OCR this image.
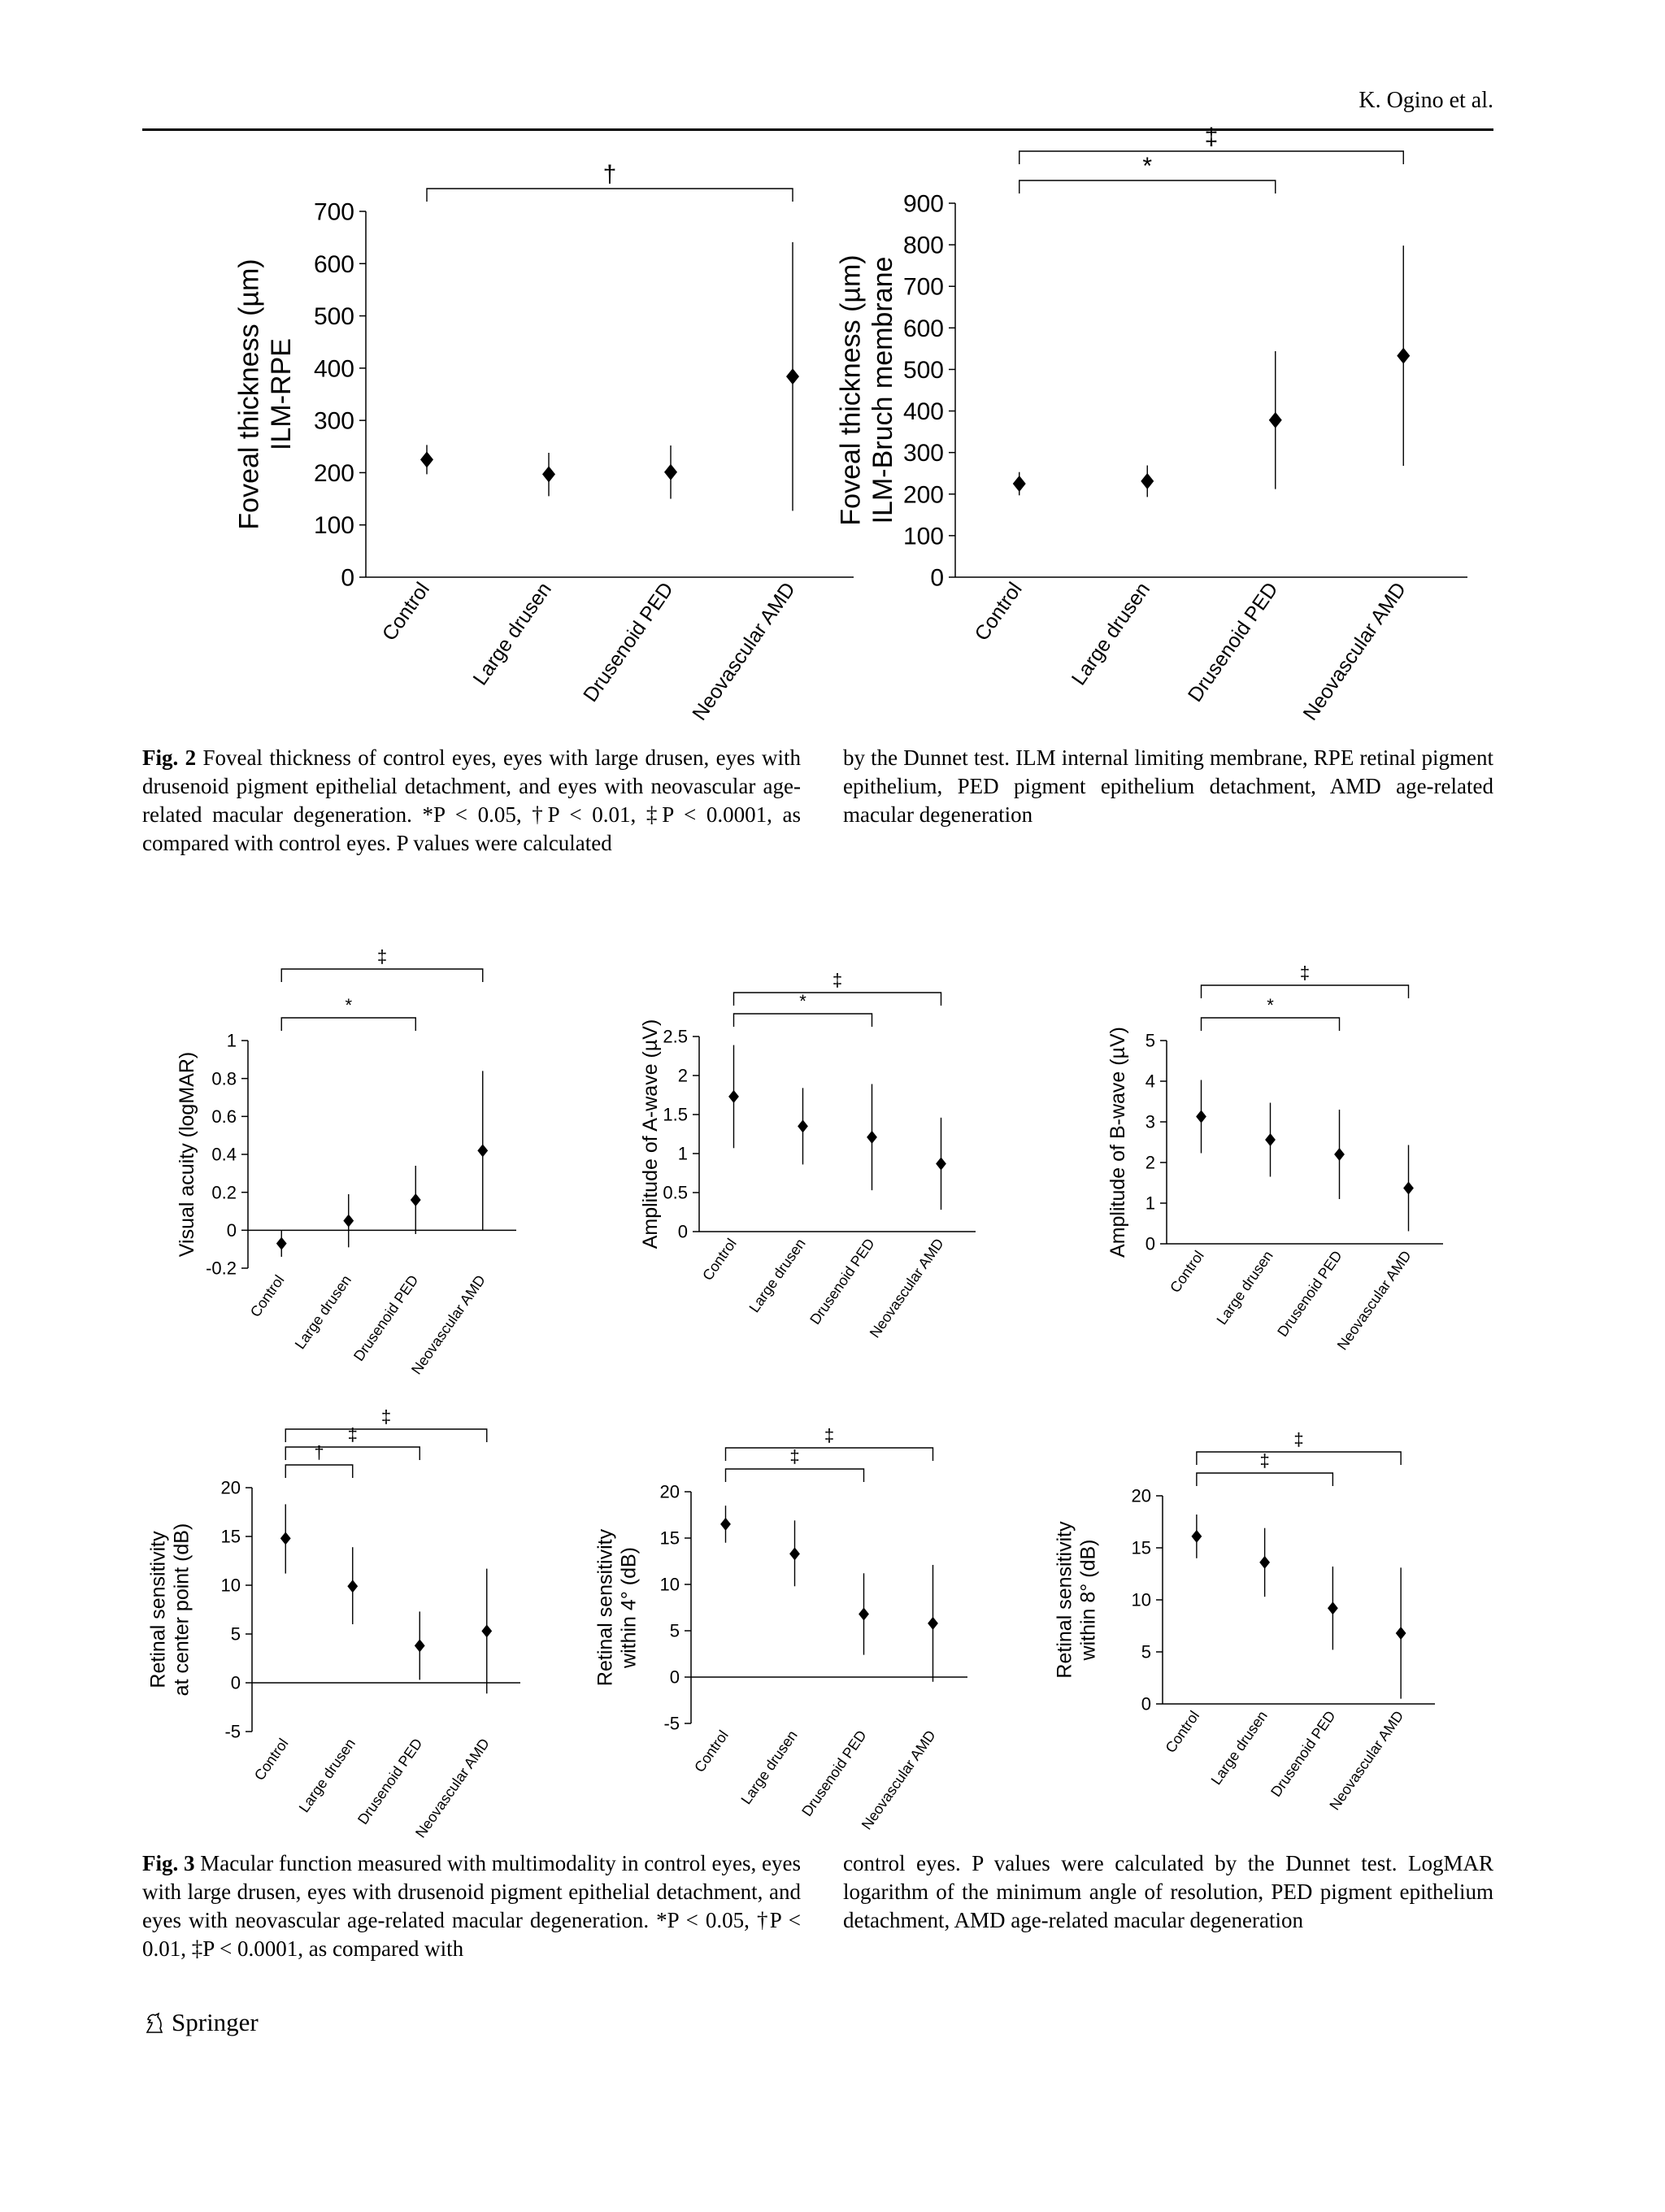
K. Ogino et al.
0
100
200
300
400
500
600
700
Foveal thickness (µm) ILM-RPE
Control Large drusen Drusenoid PED Neovascular AMD
†
0
100
200
300
400
500
600
700
800
900
Foveal thickness (µm) ILM-Bruch membrane
Control Large drusen Drusenoid PED Neovascular AMD
‡
*
Fig. 2 Foveal thickness of control eyes, eyes with large drusen, eyes with drusenoid pigment epithelial detachment, and eyes with neovascular age-related macular degeneration. *P < 0.05, †P < 0.01, ‡P < 0.0001, as compared with control eyes. P values were calculated
by the Dunnet test. ILM internal limiting membrane, RPE retinal pigment epithelium, PED pigment epithelium detachment, AMD age-related macular degeneration
-0.2
0
0.2
0.4
0.6
0.8
1
Visual acuity (logMAR)
Control Large drusen
Drusenoid PED
Neovascular AMD
‡
*
0
0.5
1
1.5
2
2.5
Amplitude of A-wave (µV)
Control Large drusen
Drusenoid PED
Neovascular AMD
‡
*
0
1
2
3
4
5
Amplitude of B-wave (µV)
Control Large drusen
Drusenoid PED
Neovascular AMD
‡
*
-5
0
5
10
15
20
Retinal sensitivity at center point (dB)
Control Large drusen
Drusenoid PED
Neovascular AMD
‡
‡
†
-5
0
5
10
15
20
Retinal sensitivity within 4° (dB)
Control Large drusen
Drusenoid PED
Neovascular AMD
‡
‡
0
5
10
15
20
Retinal sensitivity within 8° (dB)
Control Large drusen
Drusenoid PED
Neovascular AMD
‡
‡
Fig. 3 Macular function measured with multimodality in control eyes, eyes with large drusen, eyes with drusenoid pigment epithelial detachment, and eyes with neovascular age-related macular degeneration. *P < 0.05, †P < 0.01, ‡P < 0.0001, as compared with
control eyes. P values were calculated by the Dunnet test. LogMAR logarithm of the minimum angle of resolution, PED pigment epithelium detachment, AMD age-related macular degeneration
Springer
